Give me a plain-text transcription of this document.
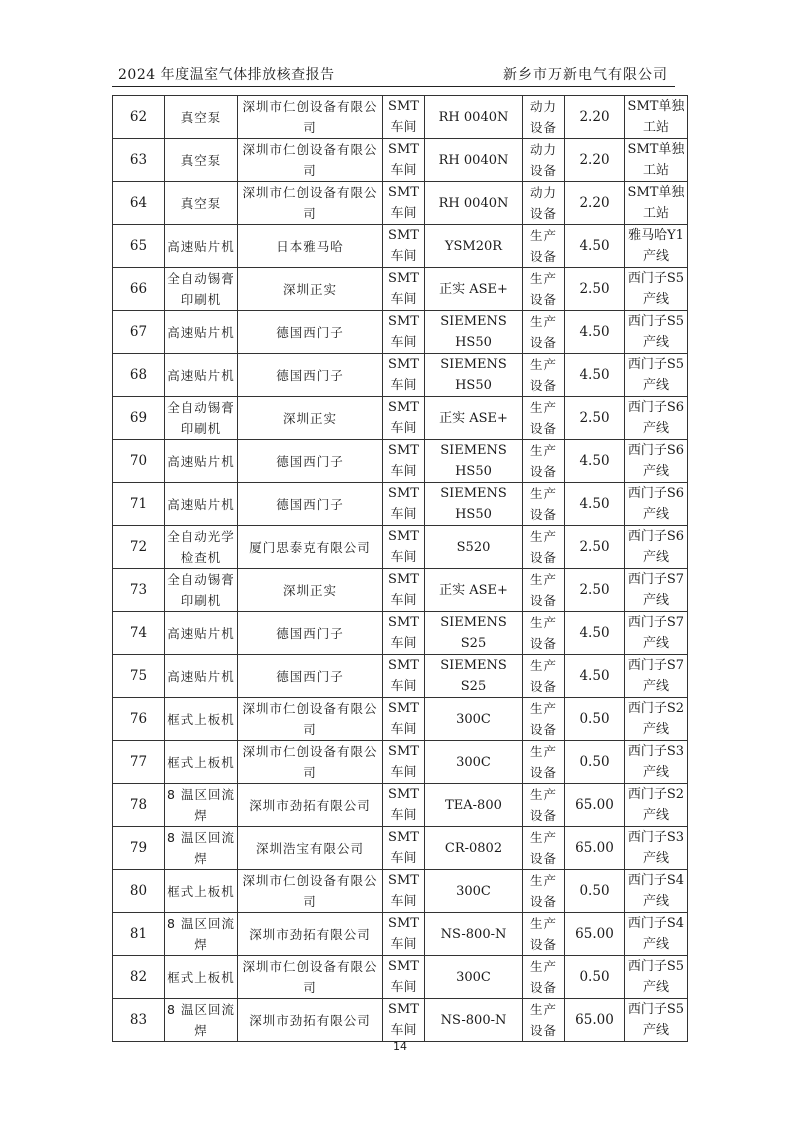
2024 年度温室气体排放核查报告	新乡市万新电气有限公司
62	真空泵	深圳市仁创设备有限公司	SMT车间	RH 0040N	动力设备	2.20	SMT单独工站
63	真空泵	深圳市仁创设备有限公司	SMT车间	RH 0040N	动力设备	2.20	SMT单独工站
64	真空泵	深圳市仁创设备有限公司	SMT车间	RH 0040N	动力设备	2.20	SMT单独工站
65	高速贴片机	日本雅马哈	SMT车间	YSM20R	生产设备	4.50	雅马哈Y1 产线
66	全自动锡膏印刷机	深圳正实	SMT车间	正实 ASE+	生产设备	2.50	西门子S5 产线
67	高速贴片机	德国西门子	SMT车间	SIEMENS HS50	生产设备	4.50	西门子S5 产线
68	高速贴片机	德国西门子	SMT车间	SIEMENS HS50	生产设备	4.50	西门子S5 产线
69	全自动锡膏印刷机	深圳正实	SMT车间	正实 ASE+	生产设备	2.50	西门子S6 产线
70	高速贴片机	德国西门子	SMT车间	SIEMENS HS50	生产设备	4.50	西门子S6 产线
71	高速贴片机	德国西门子	SMT车间	SIEMENS HS50	生产设备	4.50	西门子S6 产线
72	全自动光学检查机	厦门思泰克有限公司	SMT车间	S520	生产设备	2.50	西门子S6 产线
73	全自动锡膏印刷机	深圳正实	SMT车间	正实 ASE+	生产设备	2.50	西门子S7 产线
74	高速贴片机	德国西门子	SMT车间	SIEMENS S25	生产设备	4.50	西门子S7 产线
75	高速贴片机	德国西门子	SMT车间	SIEMENS S25	生产设备	4.50	西门子S7 产线
76	框式上板机	深圳市仁创设备有限公司	SMT车间	300C	生产设备	0.50	西门子S2 产线
77	框式上板机	深圳市仁创设备有限公司	SMT车间	300C	生产设备	0.50	西门子S3 产线
78	8 温区回流焊	深圳市劲拓有限公司	SMT车间	TEA-800	生产设备	65.00	西门子S2 产线
79	8 温区回流焊	深圳浩宝有限公司	SMT车间	CR-0802	生产设备	65.00	西门子S3 产线
80	框式上板机	深圳市仁创设备有限公司	SMT车间	300C	生产设备	0.50	西门子S4 产线
81	8 温区回流焊	深圳市劲拓有限公司	SMT车间	NS-800-N	生产设备	65.00	西门子S4 产线
82	框式上板机	深圳市仁创设备有限公司	SMT车间	300C	生产设备	0.50	西门子S5 产线
83	8 温区回流焊	深圳市劲拓有限公司	SMT车间	NS-800-N	生产设备	65.00	西门子S5 产线
14
